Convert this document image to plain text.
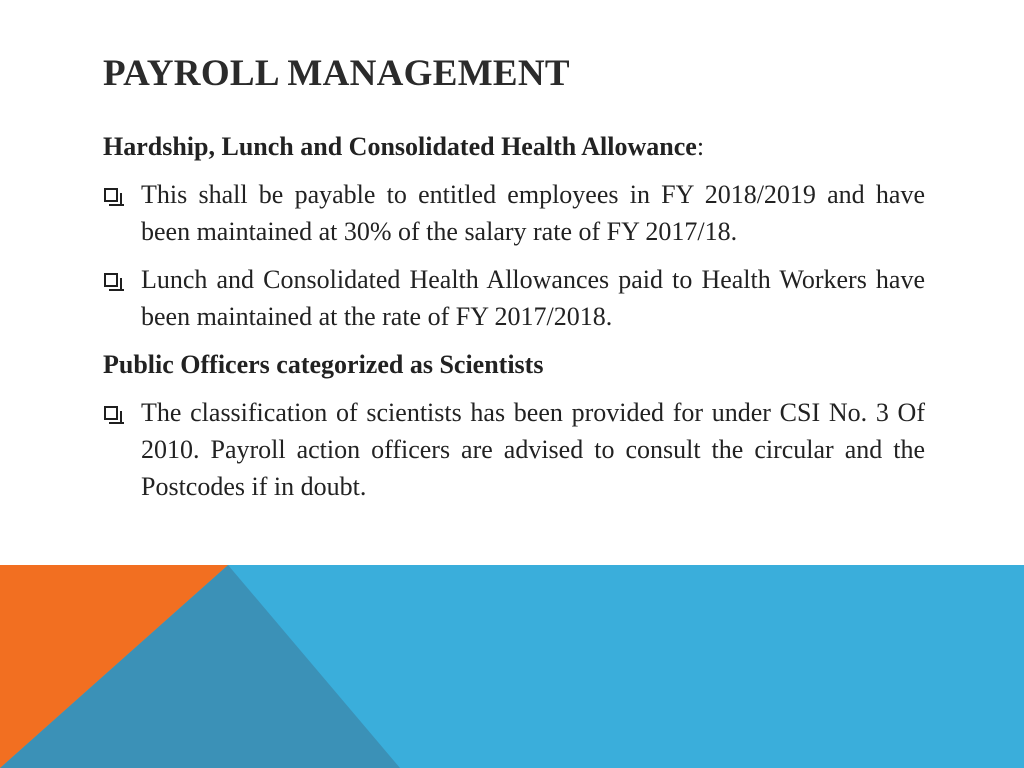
PAYROLL MANAGEMENT
Hardship, Lunch and Consolidated Health Allowance:
This shall be payable to entitled employees in FY 2018/2019 and have been maintained at 30% of the salary rate of FY 2017/18.
Lunch and Consolidated Health Allowances paid to Health Workers have been maintained at the rate of FY 2017/2018.
Public Officers categorized as Scientists
The classification of scientists has been provided for under CSI No. 3 Of 2010. Payroll action officers are advised to consult the circular and the Postcodes if in doubt.
